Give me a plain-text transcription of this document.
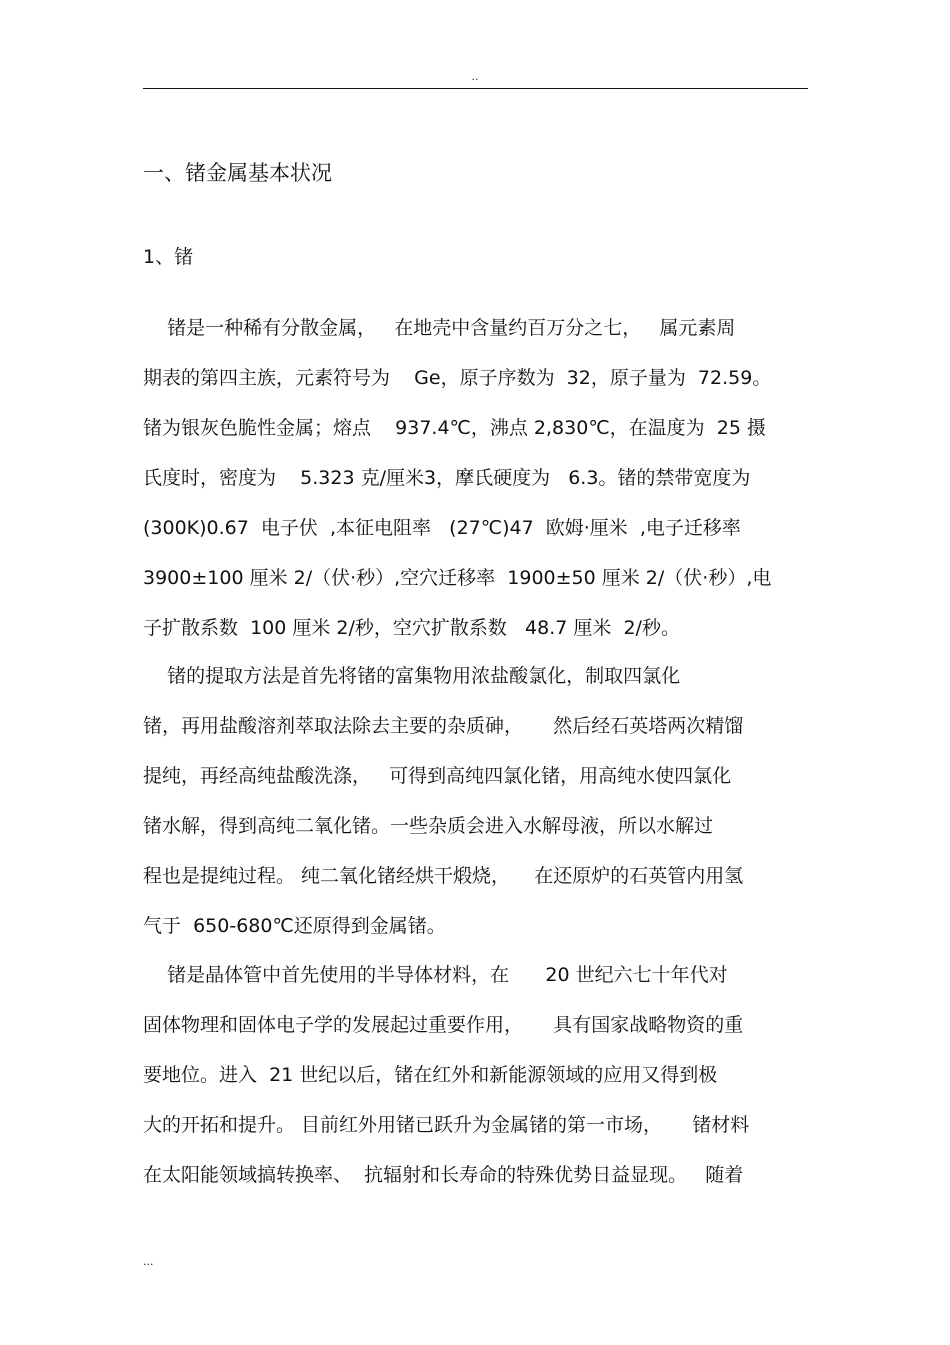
..
一、锗金属基本状况
1、锗
锗是一种稀有分散金属，   在地壳中含量约百万分之七，   属元素周
期表的第四主族，元素符号为    Ge，原子序数为  32，原子量为  72.59。
锗为银灰色脆性金属；熔点    937.4℃，沸点 2,830℃，在温度为  25 摄
氏度时，密度为    5.323 克/厘米3，摩氏硬度为   6.3。锗的禁带宽度为
(300K)0.67  电子伏  ,本征电阻率   (27℃)47  欧姆·厘米  ,电子迁移率
3900±100 厘米 2/（伏·秒）,空穴迁移率  1900±50 厘米 2/（伏·秒）,电
子扩散系数  100 厘米 2/秒，空穴扩散系数   48.7 厘米  2/秒。
锗的提取方法是首先将锗的富集物用浓盐酸氯化，制取四氯化
锗，再用盐酸溶剂萃取法除去主要的杂质砷，     然后经石英塔两次精馏
提纯，再经高纯盐酸洗涤，   可得到高纯四氯化锗，用高纯水使四氯化
锗水解，得到高纯二氧化锗。一些杂质会进入水解母液，所以水解过
程也是提纯过程。 纯二氧化锗经烘干煅烧，    在还原炉的石英管内用氢
气于  650-680℃还原得到金属锗。
锗是晶体管中首先使用的半导体材料，在      20 世纪六七十年代对
固体物理和固体电子学的发展起过重要作用，     具有国家战略物资的重
要地位。进入  21 世纪以后，锗在红外和新能源领域的应用又得到极
大的开拓和提升。 目前红外用锗已跃升为金属锗的第一市场，     锗材料
在太阳能领域搞转换率、  抗辐射和长寿命的特殊优势日益显现。   随着
...
